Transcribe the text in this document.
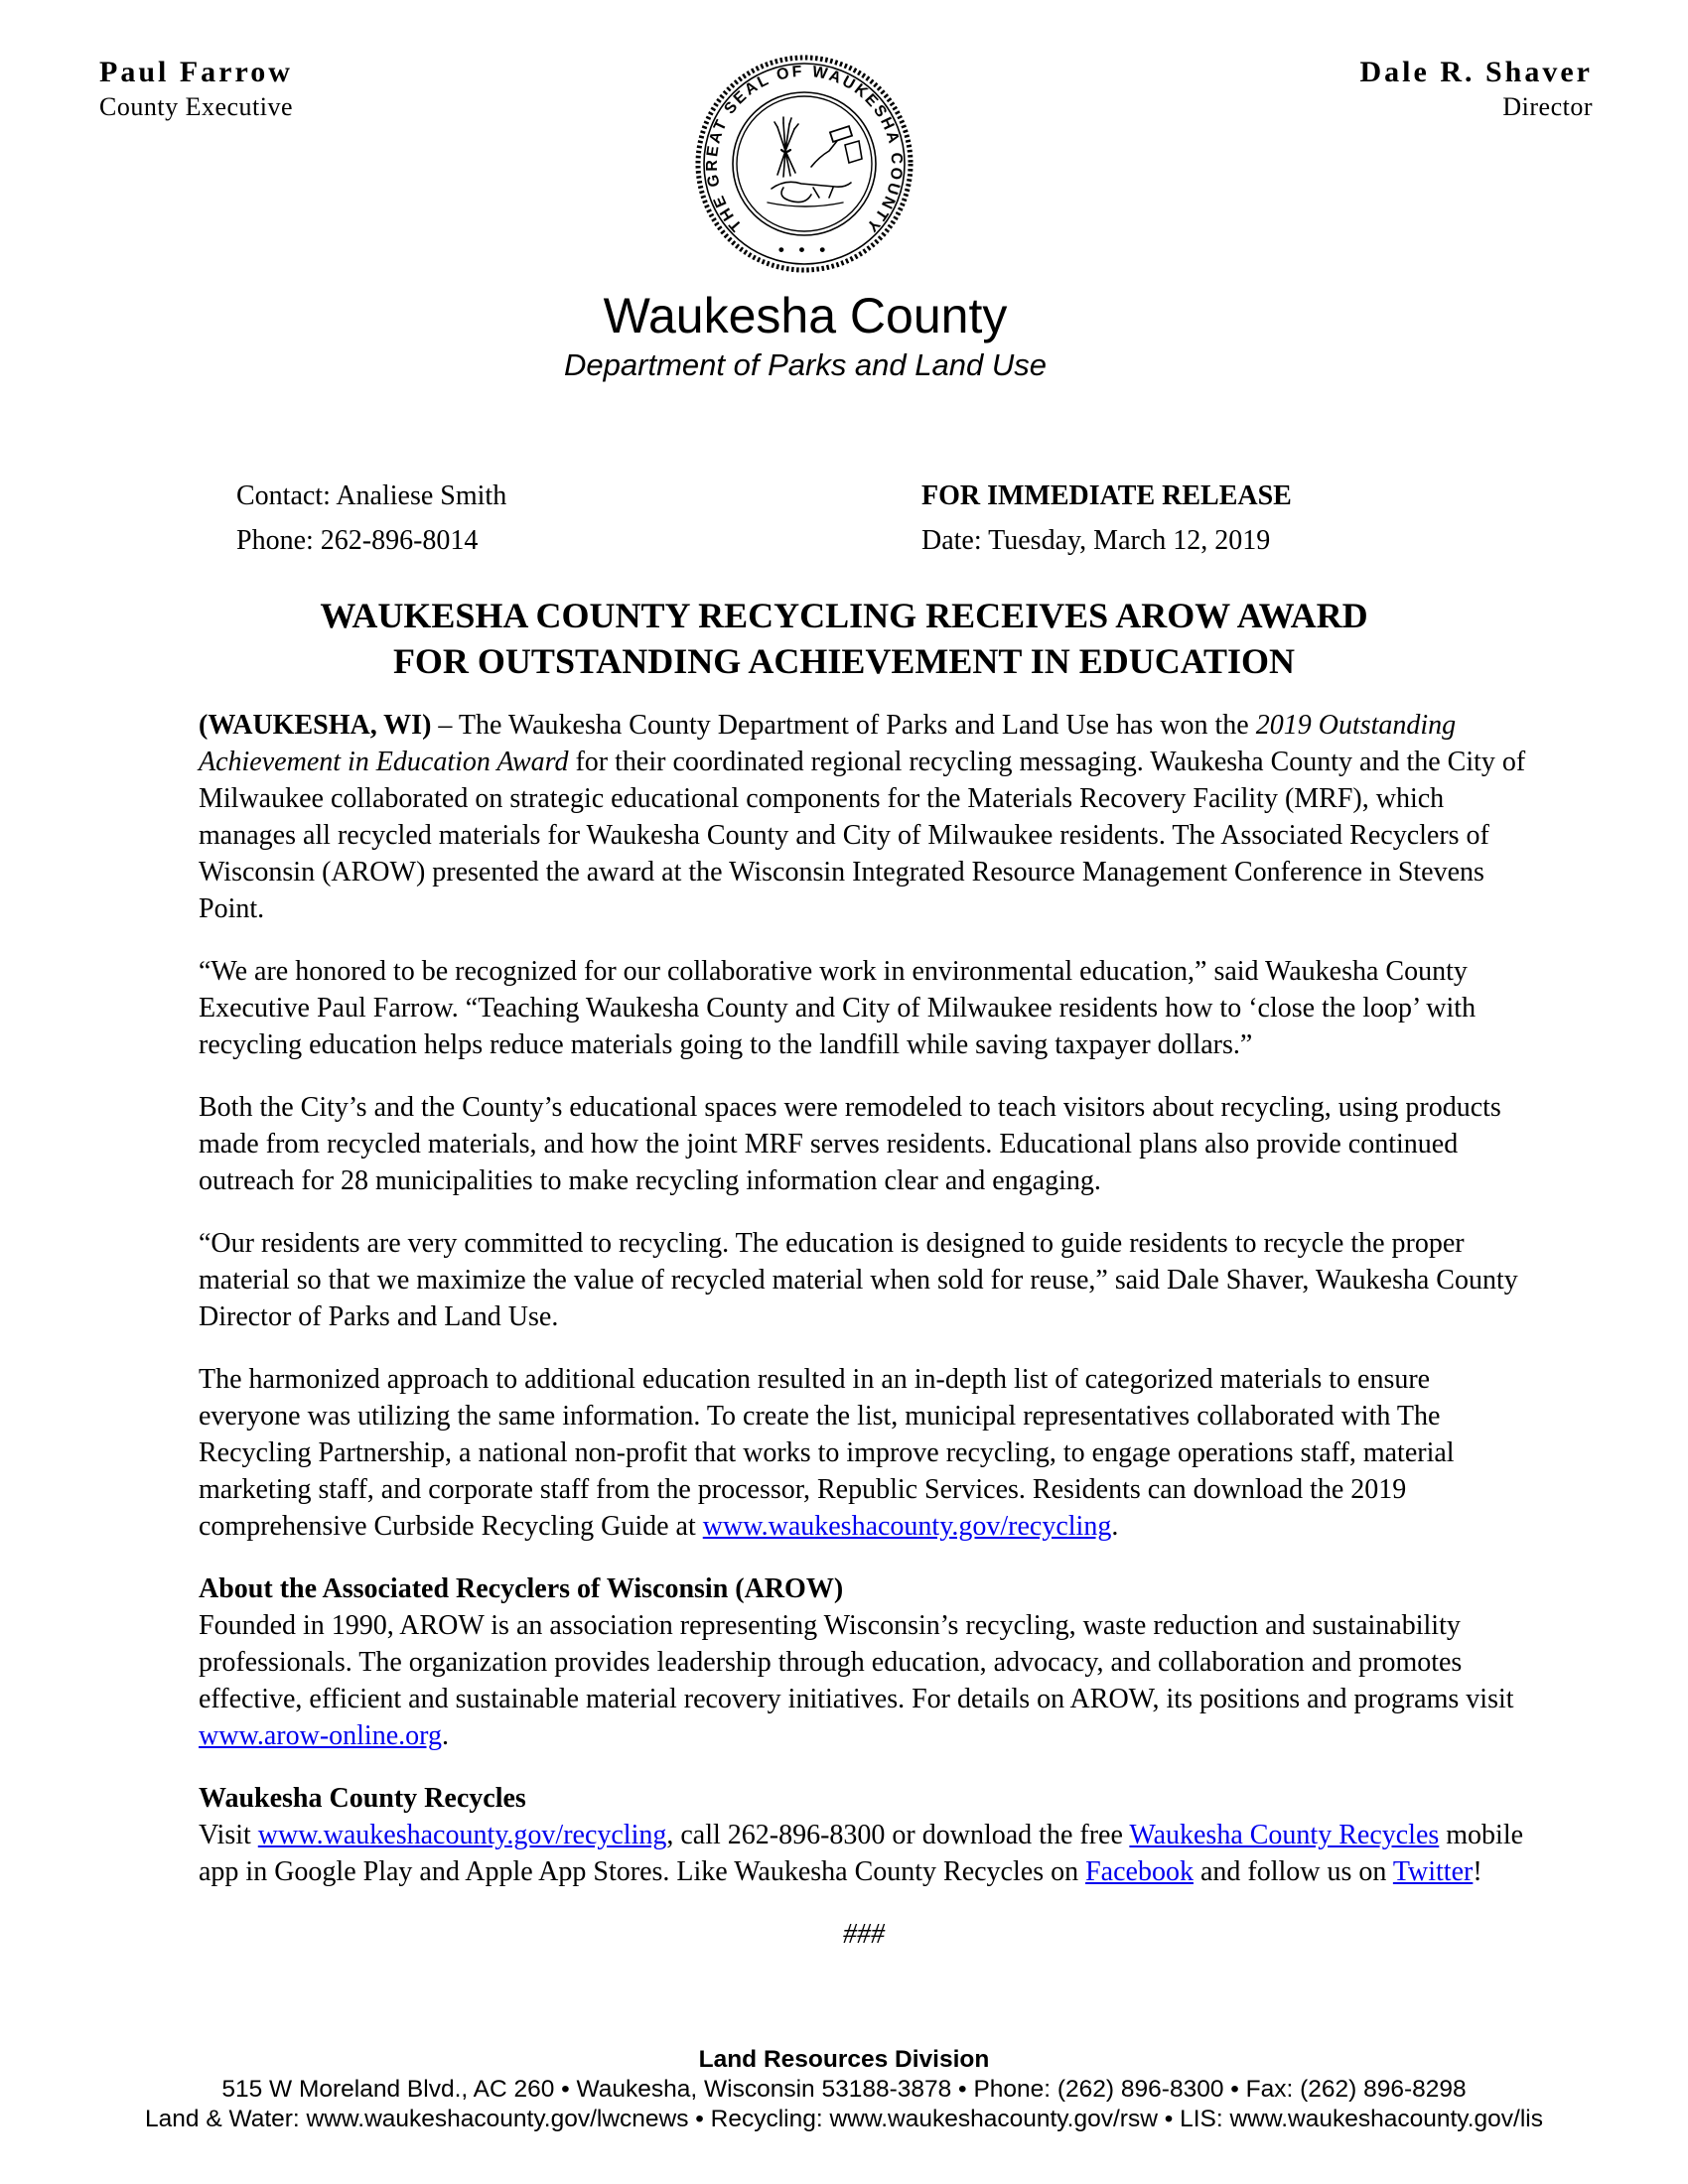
Paul Farrow
County Executive
Dale R. Shaver
Director
THE GREAT SEAL OF WAUKESHA COUNTY
• • •
Waukesha County
Department of Parks and Land Use
Contact: Analiese Smith
Phone: 262-896-8014
FOR IMMEDIATE RELEASE
Date: Tuesday, March 12, 2019
WAUKESHA COUNTY RECYCLING RECEIVES AROW AWARD
FOR OUTSTANDING ACHIEVEMENT IN EDUCATION

(WAUKESHA, WI) – The Waukesha County Department of Parks and Land Use has won the 2019 Outstanding Achievement in Education Award for their coordinated regional recycling messaging. Waukesha County and the City of Milwaukee collaborated on strategic educational components for the Materials Recovery Facility (MRF), which manages all recycled materials for Waukesha County and City of Milwaukee residents. The Associated Recyclers of Wisconsin (AROW) presented the award at the Wisconsin Integrated Resource Management Conference in Stevens Point.

“We are honored to be recognized for our collaborative work in environmental education,” said Waukesha County Executive Paul Farrow. “Teaching Waukesha County and City of Milwaukee residents how to ‘close the loop’ with recycling education helps reduce materials going to the landfill while saving taxpayer dollars.”

Both the City’s and the County’s educational spaces were remodeled to teach visitors about recycling, using products made from recycled materials, and how the joint MRF serves residents. Educational plans also provide continued outreach for 28 municipalities to make recycling information clear and engaging.

“Our residents are very committed to recycling. The education is designed to guide residents to recycle the proper material so that we maximize the value of recycled material when sold for reuse,” said Dale Shaver, Waukesha County Director of Parks and Land Use.

The harmonized approach to additional education resulted in an in-depth list of categorized materials to ensure everyone was utilizing the same information. To create the list, municipal representatives collaborated with The Recycling Partnership, a national non-profit that works to improve recycling, to engage operations staff, material marketing staff, and corporate staff from the processor, Republic Services. Residents can download the 2019 comprehensive Curbside Recycling Guide at www.waukeshacounty.gov/recycling.

About the Associated Recyclers of Wisconsin (AROW)

Founded in 1990, AROW is an association representing Wisconsin’s recycling, waste reduction and sustainability professionals. The organization provides leadership through education, advocacy, and collaboration and promotes effective, efficient and sustainable material recovery initiatives. For details on AROW, its positions and programs visit www.arow-online.org.

Waukesha County Recycles

Visit www.waukeshacounty.gov/recycling, call 262-896-8300 or download the free Waukesha County Recycles mobile app in Google Play and Apple App Stores. Like Waukesha County Recycles on Facebook and follow us on Twitter!

###
Land Resources Division
515 W Moreland Blvd., AC 260 • Waukesha, Wisconsin 53188-3878 • Phone: (262) 896-8300 • Fax: (262) 896-8298
Land & Water: www.waukeshacounty.gov/lwcnews • Recycling: www.waukeshacounty.gov/rsw • LIS: www.waukeshacounty.gov/lis
